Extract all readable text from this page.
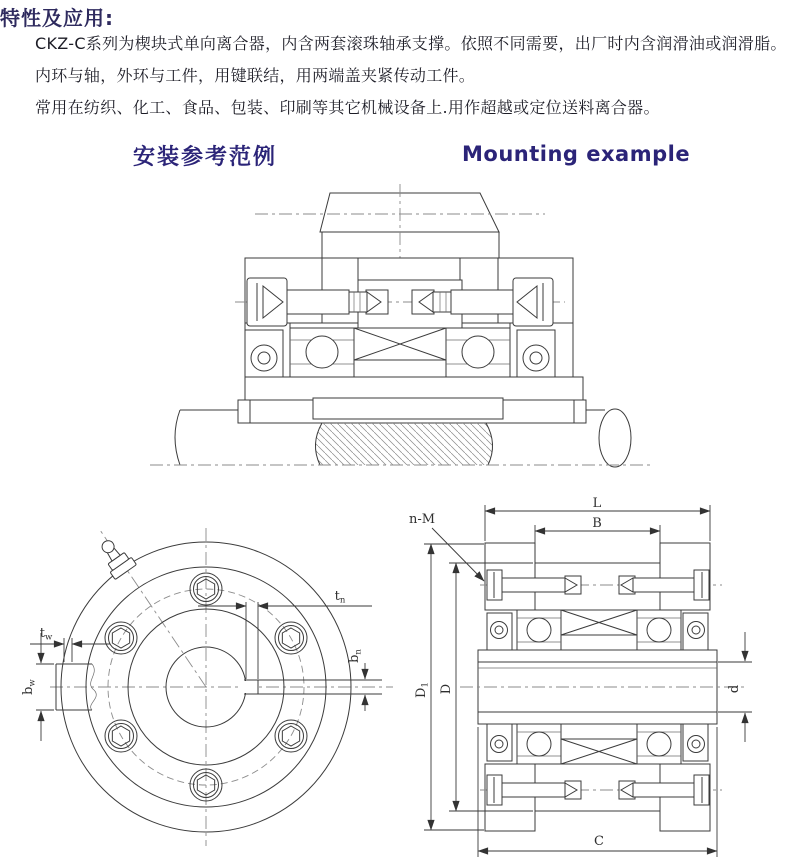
特性及应用:
CKZ-C系列为楔块式单向离合器，内含两套滚珠轴承支撑。依照不同需要，出厂时内含润滑油或润滑脂。
内环与轴，外环与工件，用键联结，用两端盖夹紧传动工件。
常用在纺织、化工、食品、包装、印刷等其它机械设备上.用作超越或定位送料离合器。
安装参考范例	Mounting example
tn
bn
tw
bw
L
B
n-M
D1 D	d
C
